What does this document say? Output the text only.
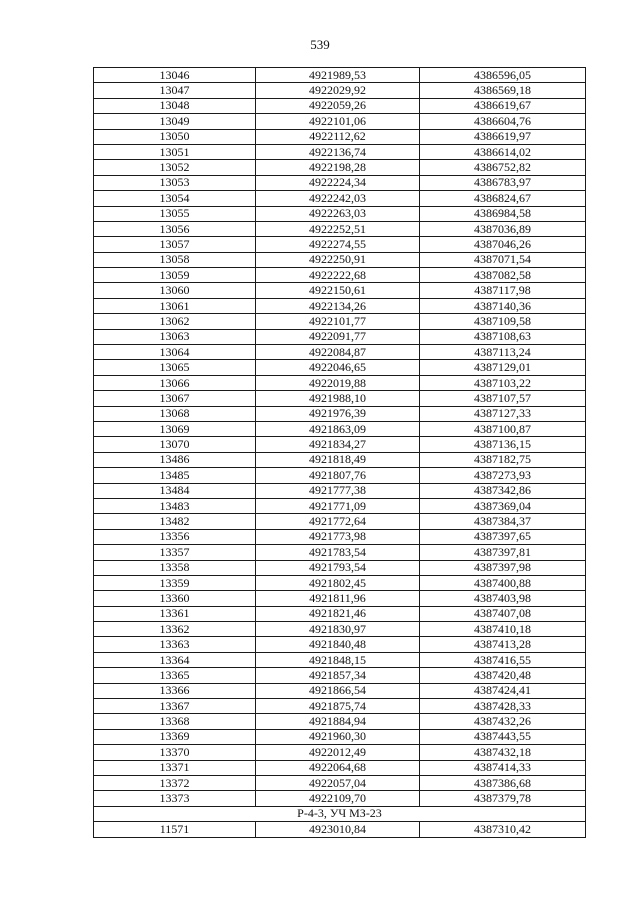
539
13046	4921989,53	4386596,05
13047	4922029,92	4386569,18
13048	4922059,26	4386619,67
13049	4922101,06	4386604,76
13050	4922112,62	4386619,97
13051	4922136,74	4386614,02
13052	4922198,28	4386752,82
13053	4922224,34	4386783,97
13054	4922242,03	4386824,67
13055	4922263,03	4386984,58
13056	4922252,51	4387036,89
13057	4922274,55	4387046,26
13058	4922250,91	4387071,54
13059	4922222,68	4387082,58
13060	4922150,61	4387117,98
13061	4922134,26	4387140,36
13062	4922101,77	4387109,58
13063	4922091,77	4387108,63
13064	4922084,87	4387113,24
13065	4922046,65	4387129,01
13066	4922019,88	4387103,22
13067	4921988,10	4387107,57
13068	4921976,39	4387127,33
13069	4921863,09	4387100,87
13070	4921834,27	4387136,15
13486	4921818,49	4387182,75
13485	4921807,76	4387273,93
13484	4921777,38	4387342,86
13483	4921771,09	4387369,04
13482	4921772,64	4387384,37
13356	4921773,98	4387397,65
13357	4921783,54	4387397,81
13358	4921793,54	4387397,98
13359	4921802,45	4387400,88
13360	4921811,96	4387403,98
13361	4921821,46	4387407,08
13362	4921830,97	4387410,18
13363	4921840,48	4387413,28
13364	4921848,15	4387416,55
13365	4921857,34	4387420,48
13366	4921866,54	4387424,41
13367	4921875,74	4387428,33
13368	4921884,94	4387432,26
13369	4921960,30	4387443,55
13370	4922012,49	4387432,18
13371	4922064,68	4387414,33
13372	4922057,04	4387386,68
13373	4922109,70	4387379,78
Р-4-3, УЧ МЗ-23		
11571	4923010,84	4387310,42
